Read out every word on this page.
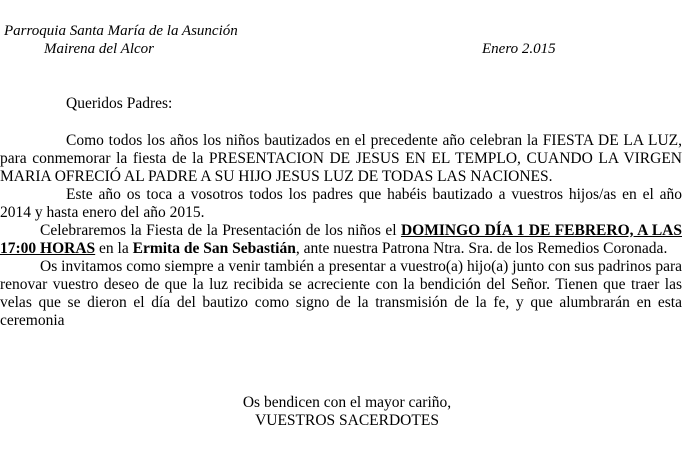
Parroquia Santa María de la Asunción
Mairena del Alcor	Enero 2.015

Queridos Padres:

Como todos los años los niños bautizados en el precedente año celebran la FIESTA DE LA LUZ, para conmemorar la fiesta de la PRESENTACION DE JESUS EN EL TEMPLO, CUANDO LA VIRGEN MARIA OFRECIÓ AL PADRE A SU HIJO JESUS LUZ DE TODAS LAS NACIONES.

Este año os toca a vosotros todos los padres que habéis bautizado a vuestros hijos/as en el año 2014 y hasta enero del año 2015.

Celebraremos la Fiesta de la Presentación de los niños el DOMINGO DÍA 1 DE FEBRERO, A LAS 17:00 HORAS en la Ermita de San Sebastián, ante nuestra Patrona Ntra. Sra. de los Remedios Coronada.

Os invitamos como siempre a venir también a presentar a vuestro(a) hijo(a) junto con sus padrinos para renovar vuestro deseo de que la luz recibida se acreciente con la bendición del Señor. Tienen que traer las velas que se dieron el día del bautizo como signo de la transmisión de la fe, y que alumbrarán en esta ceremonia

Os bendicen con el mayor cariño,
VUESTROS SACERDOTES
